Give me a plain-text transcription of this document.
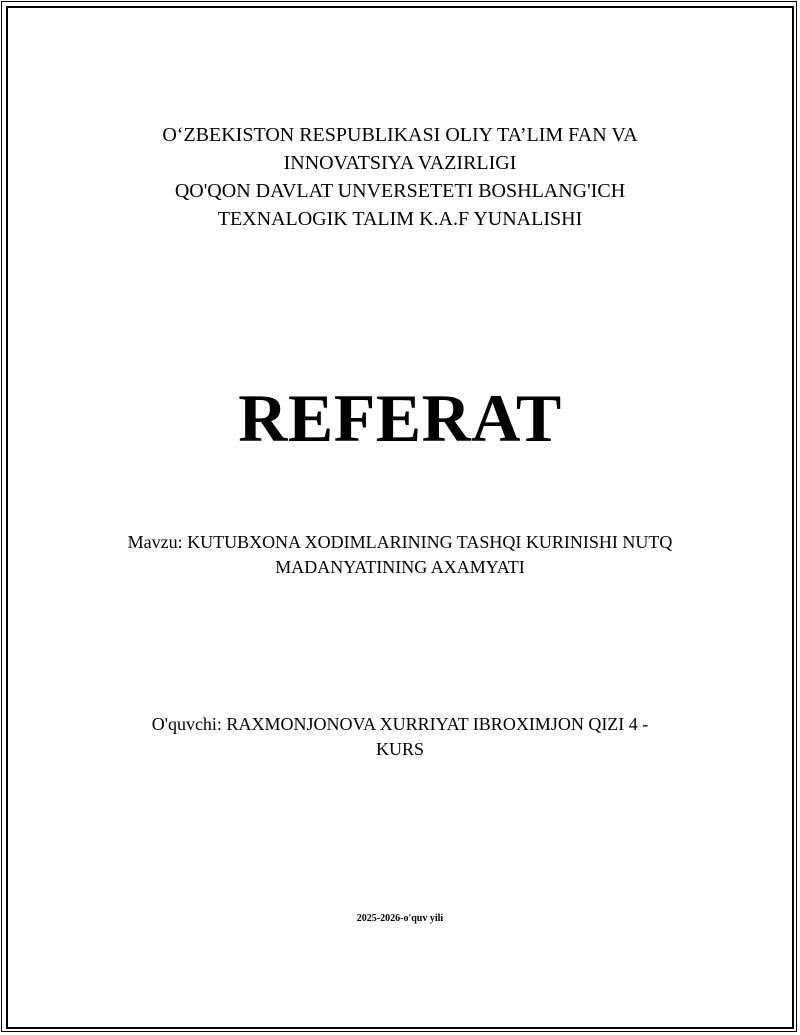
O‘ZBEKISTON RESPUBLIKASI OLIY TA’LIM FAN VA
INNOVATSIYA VAZIRLIGI
QO'QON DAVLAT UNVERSETETI BOSHLANG'ICH
TEXNALOGIK TALIM K.A.F YUNALISHI
REFERAT
Mavzu: KUTUBXONA XODIMLARINING TASHQI KURINISHI NUTQ
MADANYATINING AXAMYATI
O'quvchi: RAXMONJONOVA XURRIYAT IBROXIMJON QIZI 4 -
KURS
2025-2026-o'quv yili
